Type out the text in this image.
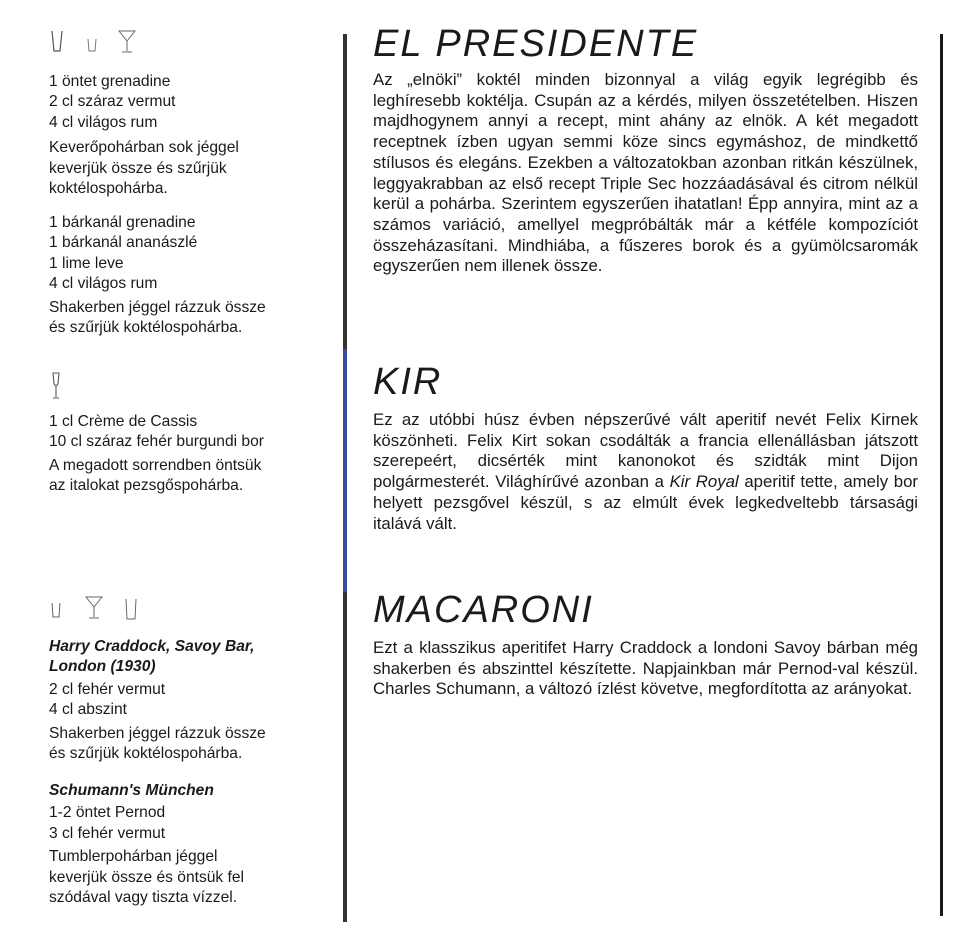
1 öntet grenadine

2 cl száraz vermut

4 cl világos rum

Keverőpohárban sok jéggel

keverjük össze és szűrjük

koktélospohárba.

1 bárkanál grenadine

1 bárkanál ananászlé

1 lime leve

4 cl világos rum

Shakerben jéggel rázzuk össze

és szűrjük koktélospohárba.

1 cl Crème de Cassis

10 cl száraz fehér burgundi bor

A megadott sorrendben öntsük

az italokat pezsgőspohárba.

Harry Craddock, Savoy Bar,

London (1930)

2 cl fehér vermut

4 cl abszint

Shakerben jéggel rázzuk össze

és szűrjük koktélospohárba.

Schumann's München

1-2 öntet Pernod

3 cl fehér vermut

Tumblerpohárban jéggel

keverjük össze és öntsük fel

szódával vagy tiszta vízzel.

EL PRESIDENTE

Az „elnöki” koktél minden bizonnyal a világ egyik legrégibb és leghíresebb koktélja. Csupán az a kérdés, milyen összetételben. Hiszen majdhogynem annyi a recept, mint ahány az elnök. A két megadott receptnek ízben ugyan semmi köze sincs egymáshoz, de mindkettő stílusos és elegáns. Ezekben a változatokban azonban ritkán készülnek, leggyakrabban az első recept Triple Sec hozzáadásával és citrom nélkül kerül a pohárba. Szerintem egyszerűen ihatatlan! Épp annyira, mint az a számos variáció, amellyel megpróbálták már a kétféle kompozíciót összeházasítani. Mindhiába, a fűszeres borok és a gyümölcsaromák egyszerűen nem illenek össze.

KIR

Ez az utóbbi húsz évben népszerűvé vált aperitif nevét Felix Kirnek köszönheti. Felix Kirt sokan csodálták a francia ellenállásban játszott szerepeért, dicsérték mint kanonokot és szidták mint Dijon polgármesterét. Világhírűvé azonban a Kir Royal aperitif tette, amely bor helyett pezsgővel készül, s az elmúlt évek legkedveltebb társasági italává vált.

MACARONI

Ezt a klasszikus aperitifet Harry Craddock a londoni Savoy bárban még shakerben és abszinttel készítette. Napjainkban már Pernod-val készül. Charles Schumann, a változó ízlést követve, megfordította az arányokat.
